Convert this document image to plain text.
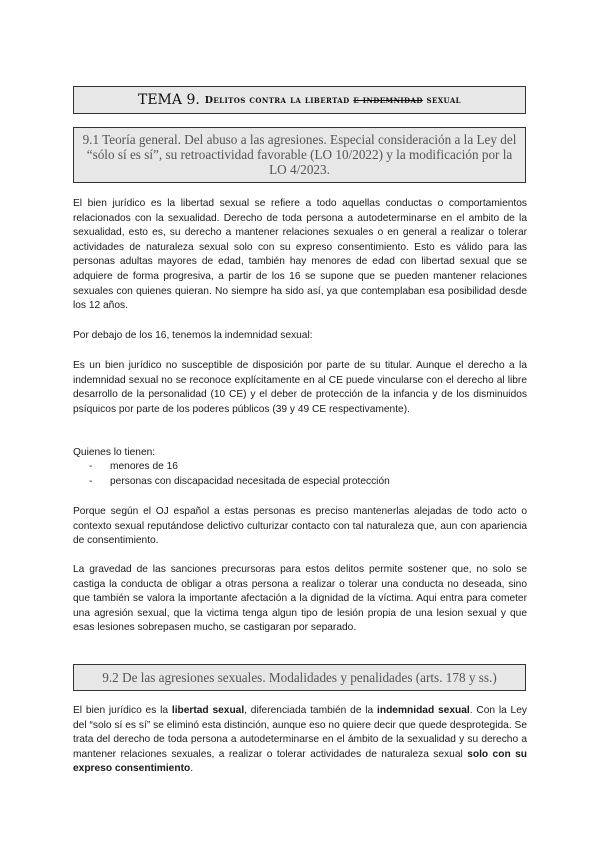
TEMA 9. Delitos contra la libertad e indemnidad sexual
9.1 Teoría general. Del abuso a las agresiones. Especial consideración a la Ley del “sólo sí es sí”, su retroactividad favorable (LO 10/2022) y la modificación por la LO 4/2023.

El bien jurídico es la libertad sexual se refiere a todo aquellas conductas o comportamientos relacionados con la sexualidad. Derecho de toda persona a autodeterminarse en el ambito de la sexualidad, esto es, su derecho a mantener relaciones sexuales o en general a realizar o tolerar actividades de naturaleza sexual solo con su expreso consentimiento. Esto es válido para las personas adultas mayores de edad, también hay menores de edad con libertad sexual que se adquiere de forma progresiva, a partir de los 16 se supone que se pueden mantener relaciones sexuales con quienes quieran. No siempre ha sido así, ya que contemplaban esa posibilidad desde los 12 años.

Por debajo de los 16, tenemos la indemnidad sexual:

Es un bien jurídico no susceptible de disposición por parte de su titular. Aunque el derecho a la indemnidad sexual no se reconoce explícitamente en al CE puede vincularse con el derecho al libre desarrollo de la personalidad (10 CE) y el deber de protección de la infancia y de los disminuidos psíquicos por parte de los poderes públicos (39 y 49 CE respectivamente).

Quienes lo tienen:

-	menores de 16
-	personas con discapacidad necesitada de especial protección

Porque según el OJ español a estas personas es preciso mantenerlas alejadas de todo acto o contexto sexual reputándose delictivo culturizar contacto con tal naturaleza que, aun con apariencia de consentimiento.

La gravedad de las sanciones precursoras para estos delitos permite sostener que, no solo se castiga la conducta de obligar a otras persona a realizar o tolerar una conducta no deseada, sino que también se valora la importante afectación a la dignidad de la víctima. Aqui entra para cometer una agresión sexual, que la victima tenga algun tipo de lesión propia de una lesion sexual y que esas lesiones sobrepasen mucho, se castigaran por separado.

9.2 De las agresiones sexuales. Modalidades y penalidades (arts. 178 y ss.)

El bien jurídico es la libertad sexual, diferenciada también de la indemnidad sexual. Con la Ley del “solo sí es sí” se eliminó esta distinción, aunque eso no quiere decir que quede desprotegida. Se trata del derecho de toda persona a autodeterminarse en el ámbito de la sexualidad y su derecho a mantener relaciones sexuales, a realizar o tolerar actividades de naturaleza sexual solo con su expreso consentimiento.
